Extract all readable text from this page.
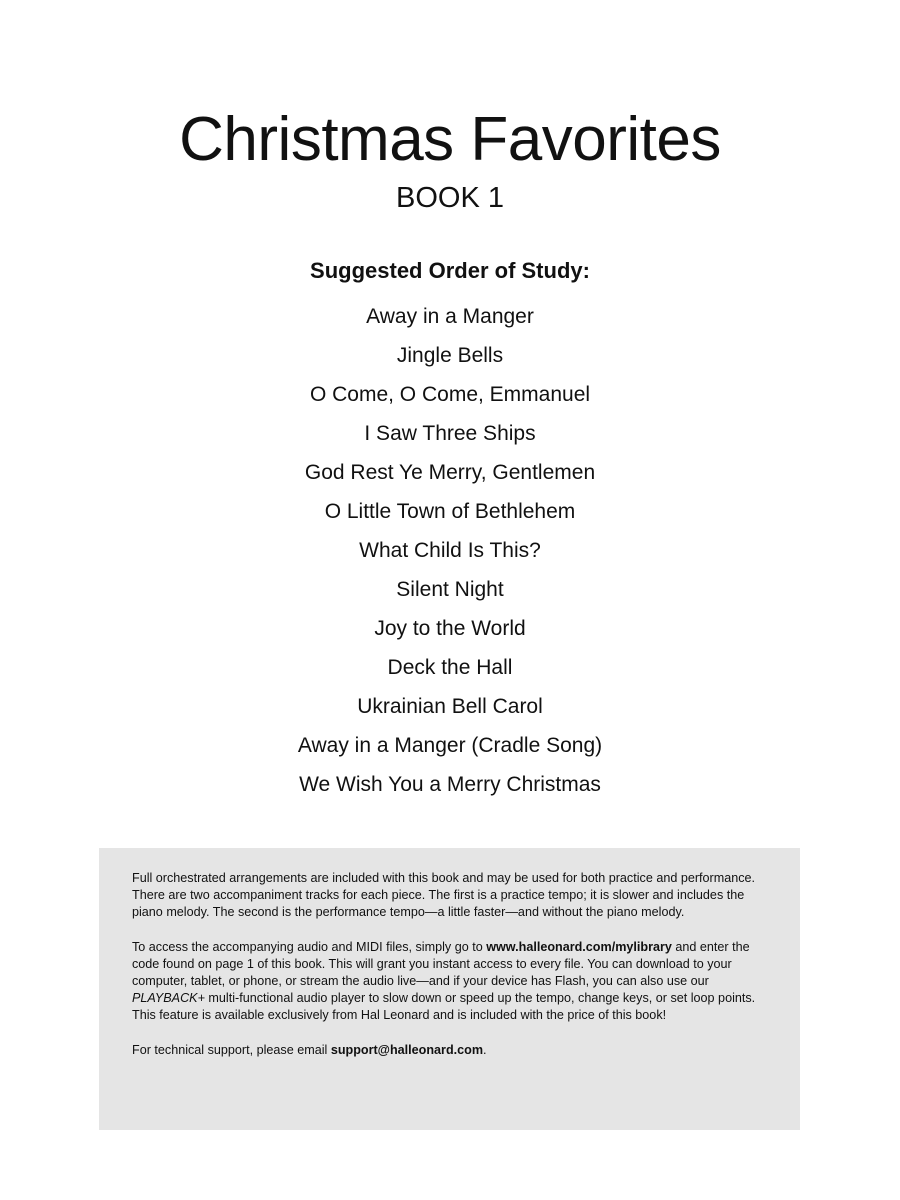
Christmas Favorites
BOOK 1
Suggested Order of Study:
Away in a Manger
Jingle Bells
O Come, O Come, Emmanuel
I Saw Three Ships
God Rest Ye Merry, Gentlemen
O Little Town of Bethlehem
What Child Is This?
Silent Night
Joy to the World
Deck the Hall
Ukrainian Bell Carol
Away in a Manger (Cradle Song)
We Wish You a Merry Christmas

Full orchestrated arrangements are included with this book and may be used for both practice and performance. There are two accompaniment tracks for each piece. The first is a practice tempo; it is slower and includes the piano melody. The second is the performance tempo—a little faster—and without the piano melody.

To access the accompanying audio and MIDI files, simply go to www.halleonard.com/mylibrary and enter the code found on page 1 of this book. This will grant you instant access to every file. You can download to your computer, tablet, or phone, or stream the audio live—and if your device has Flash, you can also use our PLAYBACK+ multi-functional audio player to slow down or speed up the tempo, change keys, or set loop points. This feature is available exclusively from Hal Leonard and is included with the price of this book!

For technical support, please email support@halleonard.com.
